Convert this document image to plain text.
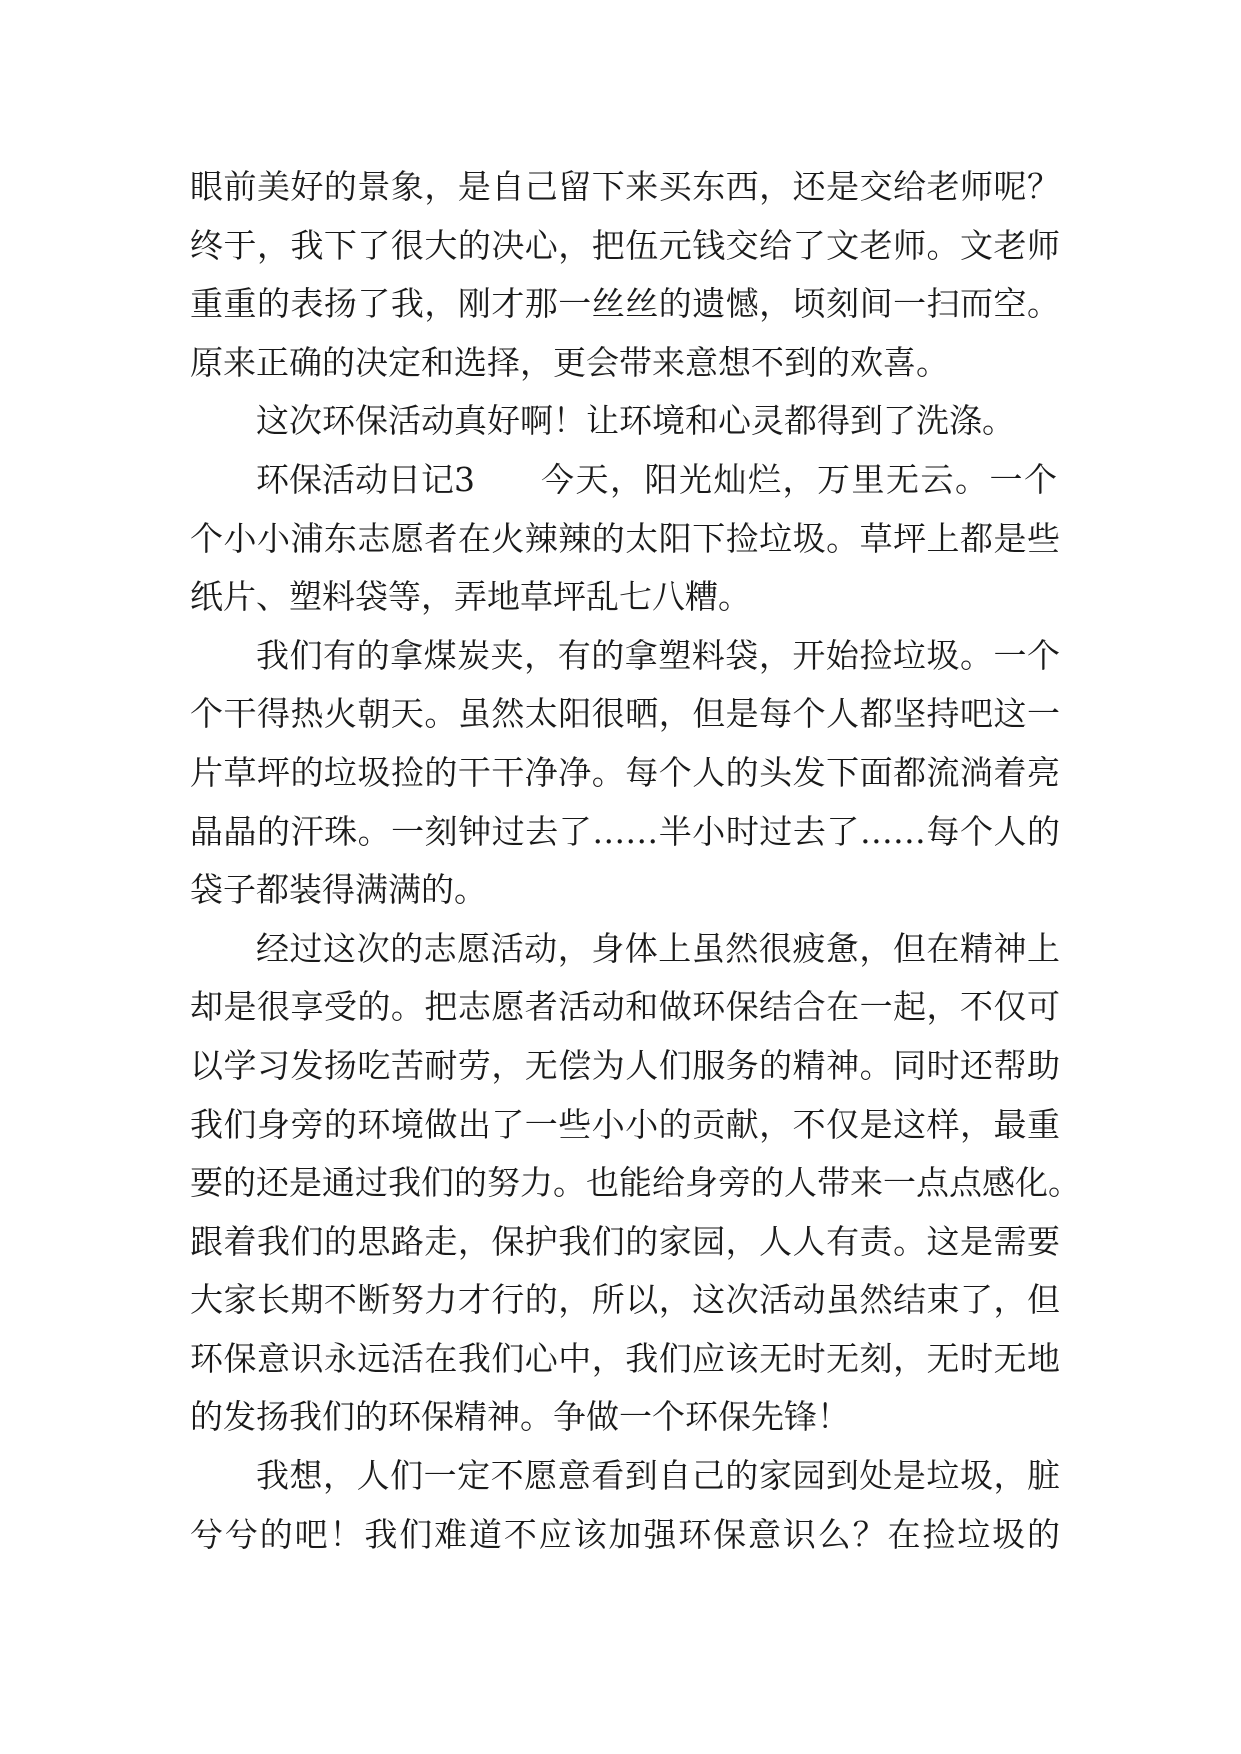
眼前美好的景象，是自己留下来买东西，还是交给老师呢？
终于，我下了很大的决心，把伍元钱交给了文老师。文老师
重重的表扬了我，刚才那一丝丝的遗憾，顷刻间一扫而空。
原来正确的决定和选择，更会带来意想不到的欢喜。
这次环保活动真好啊！让环境和心灵都得到了洗涤。
环保活动日记3 今天，阳光灿烂，万里无云。一个
个小小浦东志愿者在火辣辣的太阳下捡垃圾。草坪上都是些
纸片、塑料袋等，弄地草坪乱七八糟。
我们有的拿煤炭夹，有的拿塑料袋，开始捡垃圾。一个
个干得热火朝天。虽然太阳很晒，但是每个人都坚持吧这一
片草坪的垃圾捡的干干净净。每个人的头发下面都流淌着亮
晶晶的汗珠。一刻钟过去了……半小时过去了……每个人的
袋子都装得满满的。
经过这次的志愿活动，身体上虽然很疲惫，但在精神上
却是很享受的。把志愿者活动和做环保结合在一起，不仅可
以学习发扬吃苦耐劳，无偿为人们服务的精神。同时还帮助
我们身旁的环境做出了一些小小的贡献，不仅是这样，最重
要的还是通过我们的努力。也能给身旁的人带来一点点感化。
跟着我们的思路走，保护我们的家园，人人有责。这是需要
大家长期不断努力才行的，所以，这次活动虽然结束了，但
环保意识永远活在我们心中，我们应该无时无刻，无时无地
的发扬我们的环保精神。争做一个环保先锋！
我想，人们一定不愿意看到自己的家园到处是垃圾，脏
兮兮的吧！我们难道不应该加强环保意识么？在捡垃圾的
